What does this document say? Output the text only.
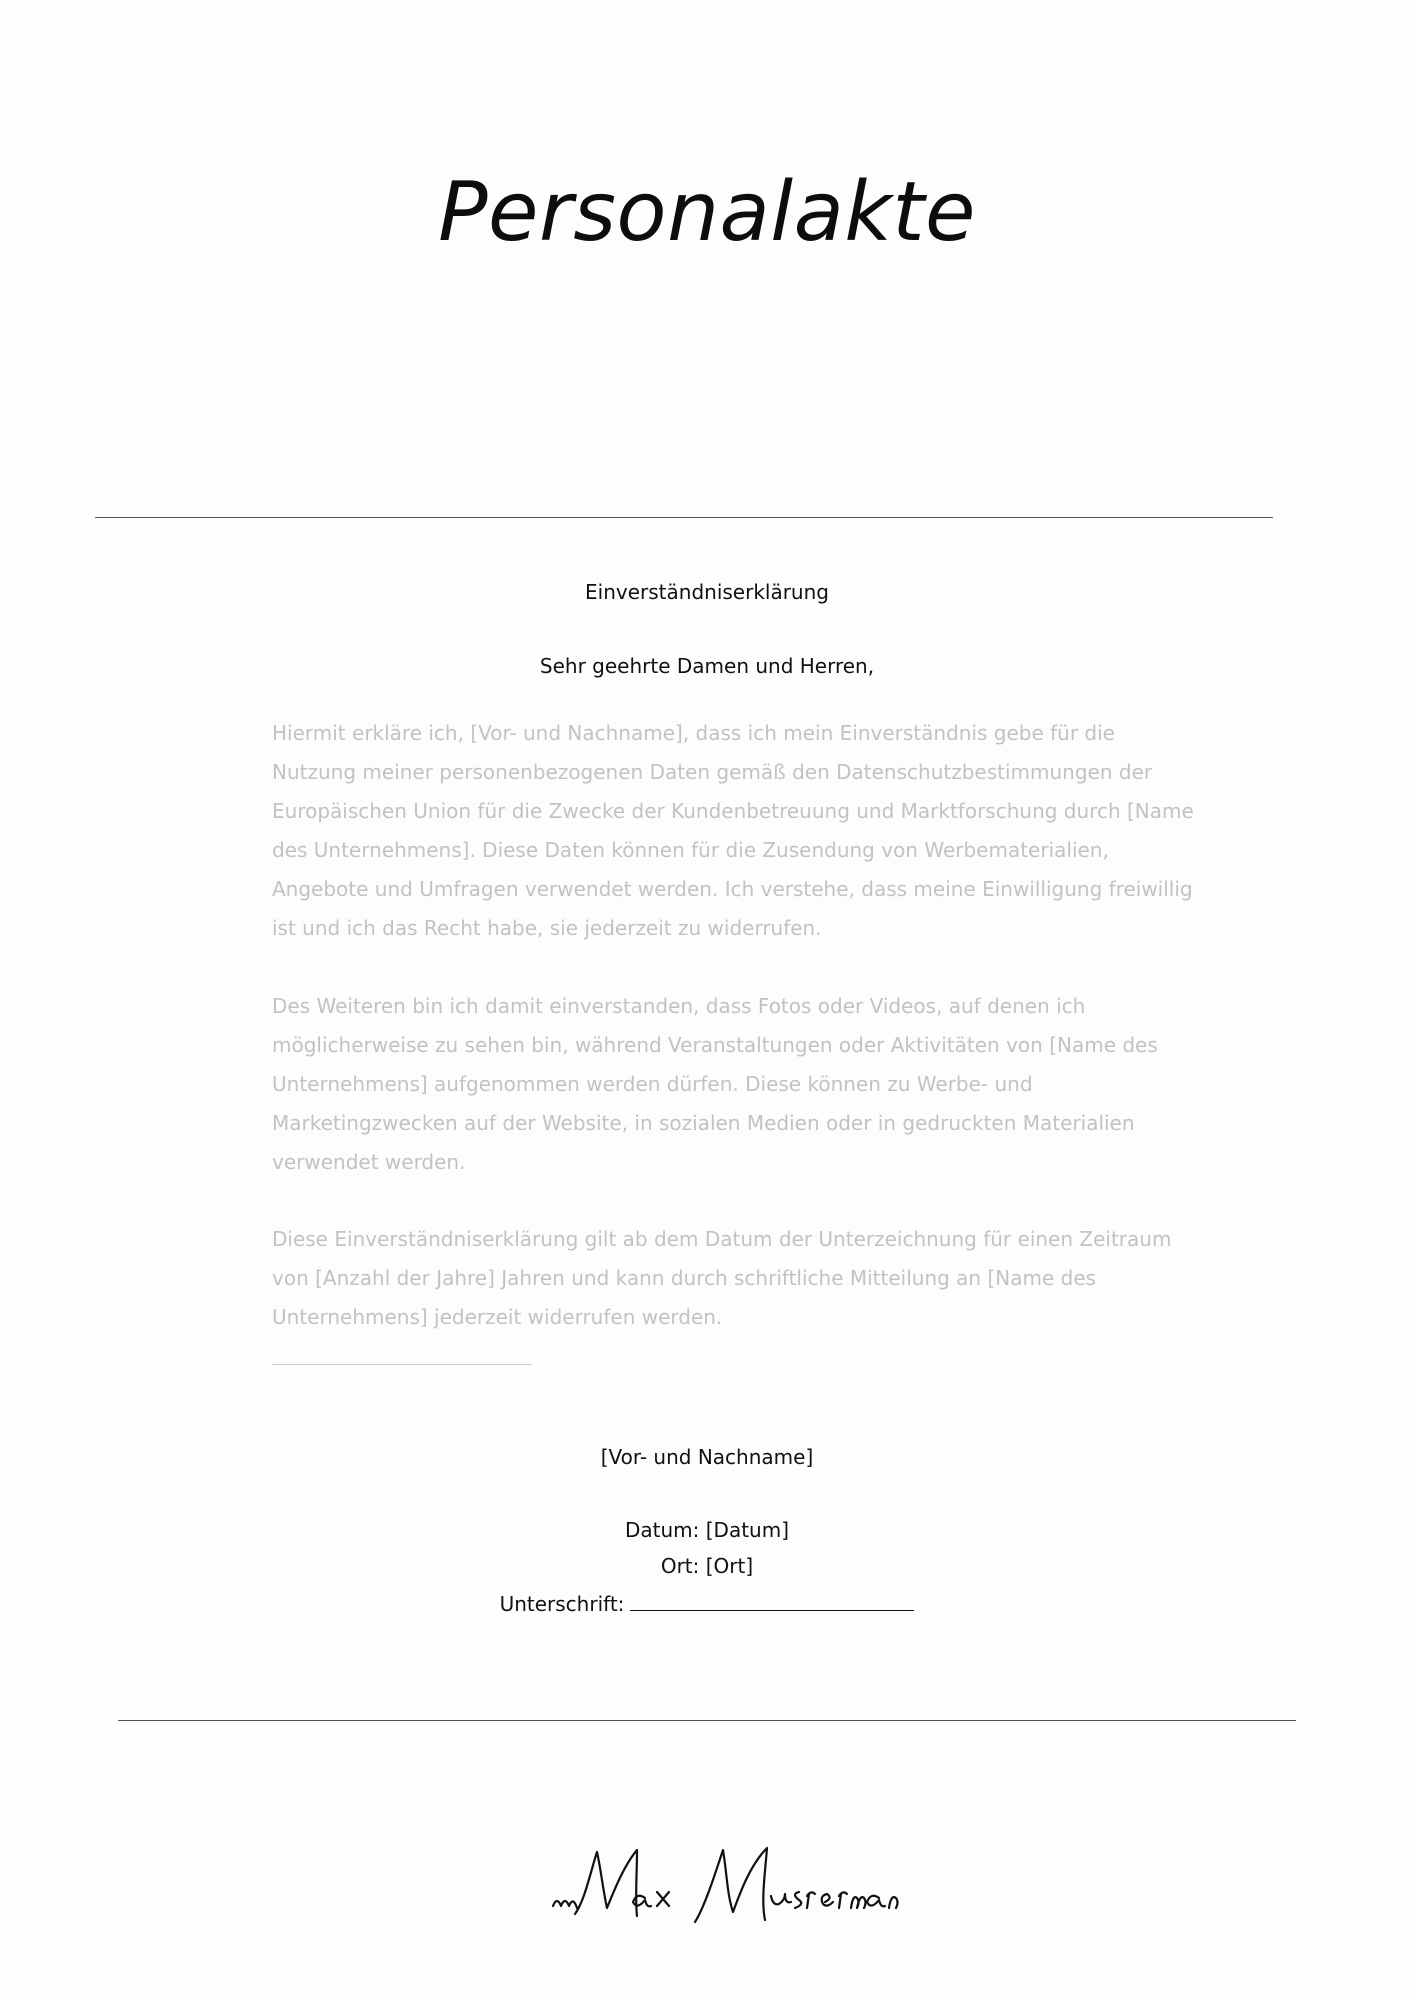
Personalakte
Einverständniserklärung
Sehr geehrte Damen und Herren,
Hiermit erkläre ich, [Vor- und Nachname], dass ich mein Einverständnis gebe für die Nutzung meiner personenbezogenen Daten gemäß den Datenschutzbestimmungen der Europäischen Union für die Zwecke der Kundenbetreuung und Marktforschung durch [Name des Unternehmens]. Diese Daten können für die Zusendung von Werbematerialien, Angebote und Umfragen verwendet werden. Ich verstehe, dass meine Einwilligung freiwillig ist und ich das Recht habe, sie jederzeit zu widerrufen.
Des Weiteren bin ich damit einverstanden, dass Fotos oder Videos, auf denen ich möglicherweise zu sehen bin, während Veranstaltungen oder Aktivitäten von [Name des Unternehmens] aufgenommen werden dürfen. Diese können zu Werbe- und Marketingzwecken auf der Website, in sozialen Medien oder in gedruckten Materialien verwendet werden.
Diese Einverständniserklärung gilt ab dem Datum der Unterzeichnung für einen Zeitraum von [Anzahl der Jahre] Jahren und kann durch schriftliche Mitteilung an [Name des Unternehmens] jederzeit widerrufen werden.
[Vor- und Nachname]
Datum: [Datum]
Ort: [Ort]
Unterschrift:
